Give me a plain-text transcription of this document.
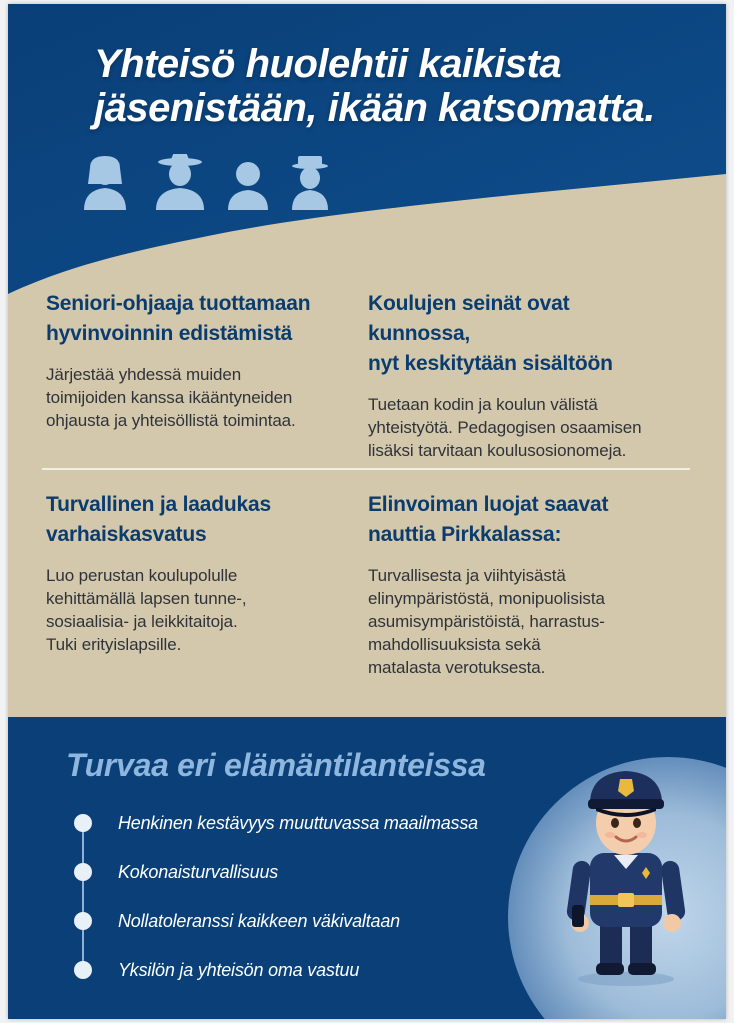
Yhteisö huolehtii kaikista
jäsenistään, ikään katsomatta.
Seniori-ohjaaja tuottamaan
hyvinvoinnin edistämistä

Järjestää yhdessä muiden
toimijoiden kanssa ikääntyneiden
ohjausta ja yhteisöllistä toimintaa.

Koulujen seinät ovat kunnossa,
nyt keskitytään sisältöön

Tuetaan kodin ja koulun välistä
yhteistyötä. Pedagogisen osaamisen
lisäksi tarvitaan koulusosionomeja.

Turvallinen ja laadukas
varhaiskasvatus

Luo perustan koulupolulle
kehittämällä lapsen tunne-,
sosiaalisia- ja leikkitaitoja.
Tuki erityislapsille.

Elinvoiman luojat saavat
nauttia Pirkkalassa:

Turvallisesta ja viihtyisästä
elinympäristöstä, monipuolisista
asumisympäristöistä, harrastus-
mahdollisuuksista sekä
matalasta verotuksesta.

Turvaa eri elämäntilanteissa
Henkinen kestävyys muuttuvassa maailmassa
Kokonaisturvallisuus
Nollatoleranssi kaikkeen väkivaltaan
Yksilön ja yhteisön oma vastuu
